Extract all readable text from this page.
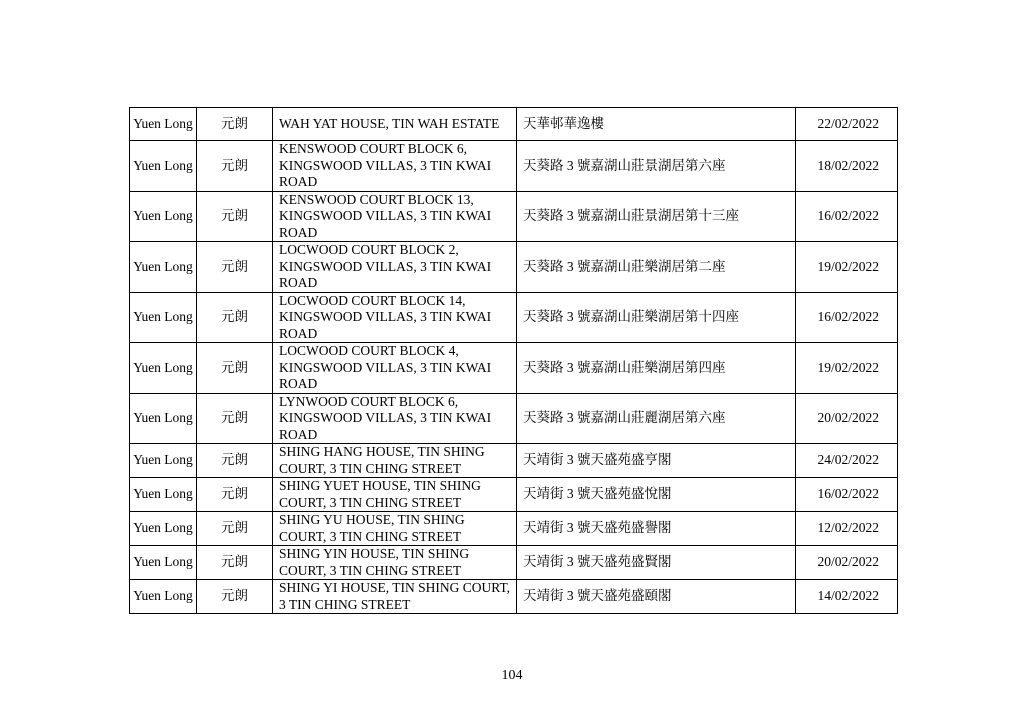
Yuen Long	元朗	WAH YAT HOUSE, TIN WAH ESTATE	天華邨華逸樓	22/02/2022
Yuen Long	元朗	KENSWOOD COURT BLOCK 6, KINGSWOOD VILLAS, 3 TIN KWAI ROAD	天葵路 3 號嘉湖山莊景湖居第六座	18/02/2022
Yuen Long	元朗	KENSWOOD COURT BLOCK 13, KINGSWOOD VILLAS, 3 TIN KWAI ROAD	天葵路 3 號嘉湖山莊景湖居第十三座	16/02/2022
Yuen Long	元朗	LOCWOOD COURT BLOCK 2, KINGSWOOD VILLAS, 3 TIN KWAI ROAD	天葵路 3 號嘉湖山莊樂湖居第二座	19/02/2022
Yuen Long	元朗	LOCWOOD COURT BLOCK 14, KINGSWOOD VILLAS, 3 TIN KWAI ROAD	天葵路 3 號嘉湖山莊樂湖居第十四座	16/02/2022
Yuen Long	元朗	LOCWOOD COURT BLOCK 4, KINGSWOOD VILLAS, 3 TIN KWAI ROAD	天葵路 3 號嘉湖山莊樂湖居第四座	19/02/2022
Yuen Long	元朗	LYNWOOD COURT BLOCK 6, KINGSWOOD VILLAS, 3 TIN KWAI ROAD	天葵路 3 號嘉湖山莊麗湖居第六座	20/02/2022
Yuen Long	元朗	SHING HANG HOUSE, TIN SHING COURT, 3 TIN CHING STREET	天靖街 3 號天盛苑盛亨閣	24/02/2022
Yuen Long	元朗	SHING YUET HOUSE, TIN SHING COURT, 3 TIN CHING STREET	天靖街 3 號天盛苑盛悅閣	16/02/2022
Yuen Long	元朗	SHING YU HOUSE, TIN SHING COURT, 3 TIN CHING STREET	天靖街 3 號天盛苑盛譽閣	12/02/2022
Yuen Long	元朗	SHING YIN HOUSE, TIN SHING COURT, 3 TIN CHING STREET	天靖街 3 號天盛苑盛賢閣	20/02/2022
Yuen Long	元朗	SHING YI HOUSE, TIN SHING COURT, 3 TIN CHING STREET	天靖街 3 號天盛苑盛頤閣	14/02/2022
104
